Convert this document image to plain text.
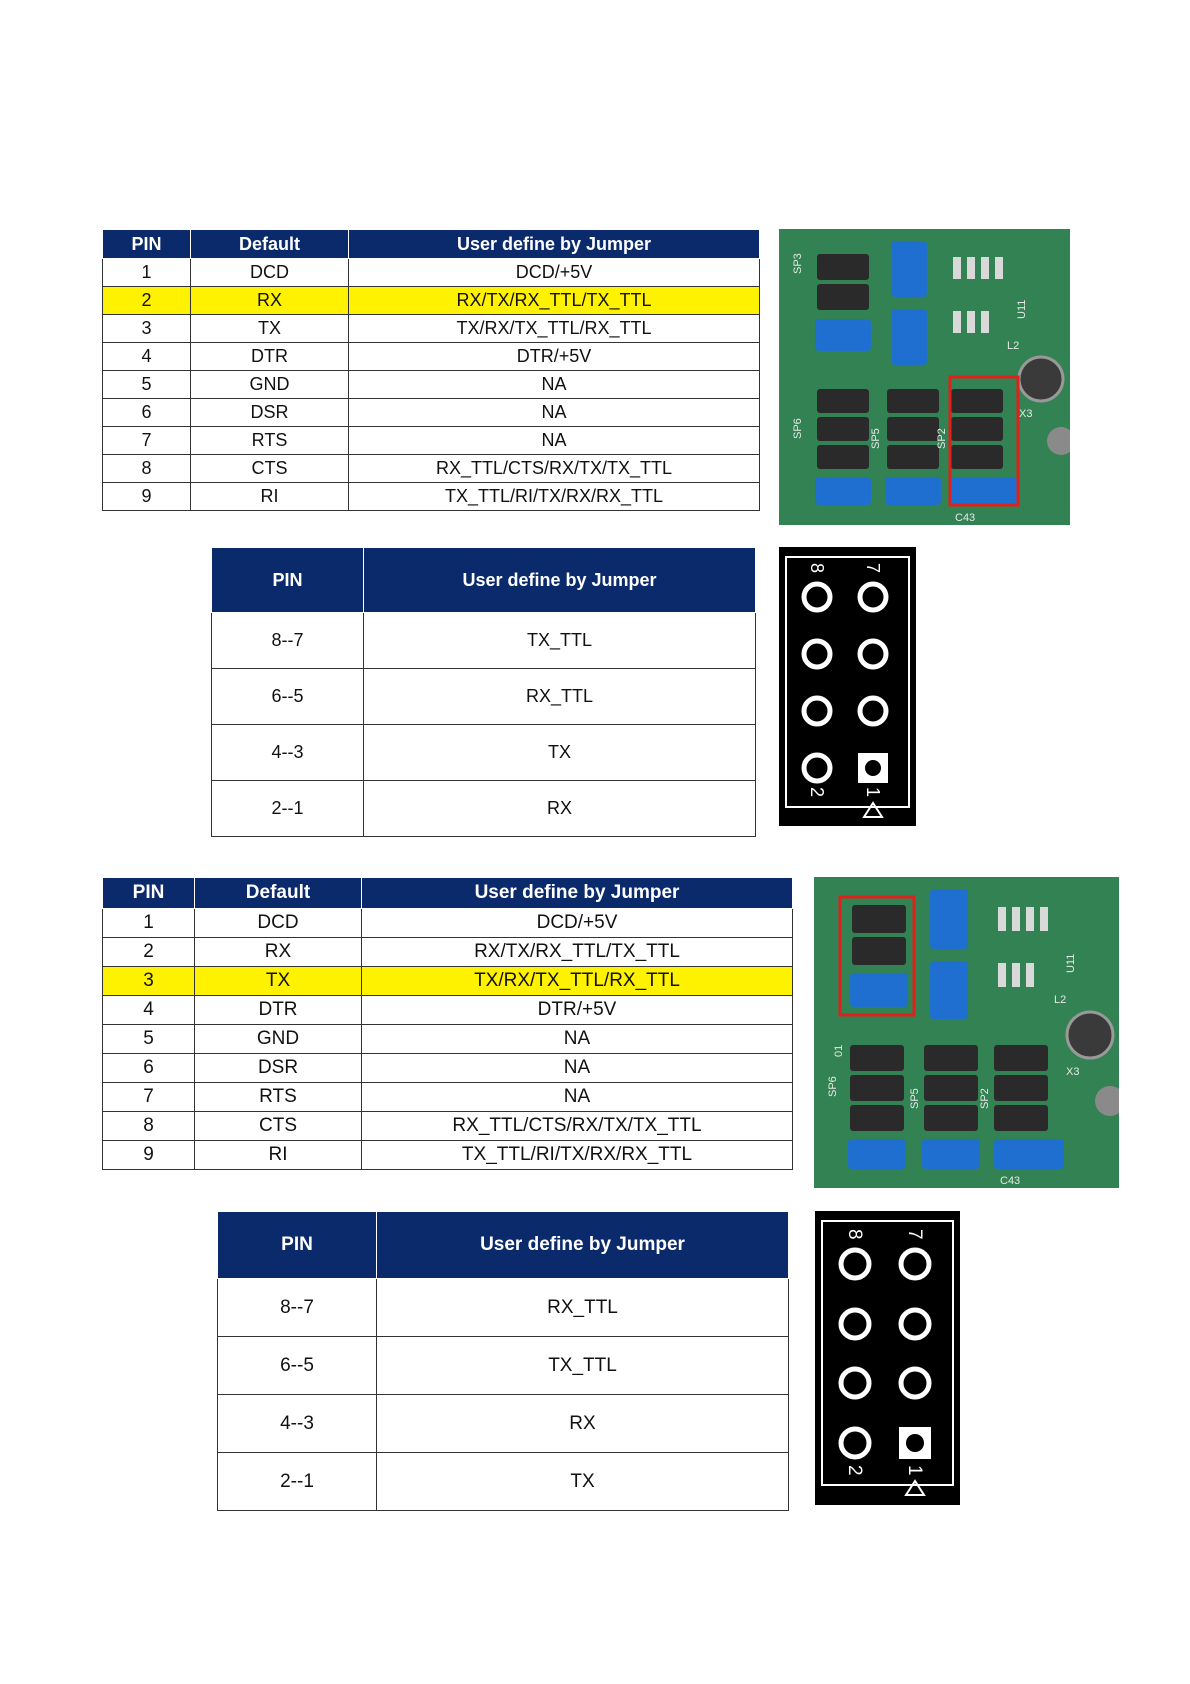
PIN	Default	User define by Jumper
1	DCD	DCD/+5V
2	RX	RX/TX/RX_TTL/TX_TTL
3	TX	TX/RX/TX_TTL/RX_TTL
4	DTR	DTR/+5V
5	GND	NA
6	DSR	NA
7	RTS	NA
8	CTS	RX_TTL/CTS/RX/TX/TX_TTL
9	RI	TX_TTL/RI/TX/RX/RX_TTL
SP3
SP6	SP5	SP2
U11
L2
X3
C43
PIN	User define by Jumper
8--7	TX_TTL
6--5	RX_TTL
4--3	TX
2--1	RX
8 7
2 1
PIN	Default	User define by Jumper
1	DCD	DCD/+5V
2	RX	RX/TX/RX_TTL/TX_TTL
3	TX	TX/RX/TX_TTL/RX_TTL
4	DTR	DTR/+5V
5	GND	NA
6	DSR	NA
7	RTS	NA
8	CTS	RX_TTL/CTS/RX/TX/TX_TTL
9	RI	TX_TTL/RI/TX/RX/RX_TTL
SP6
01
SP5	SP2
U11
L2
X3
C43
PIN	User define by Jumper
8--7	RX_TTL
6--5	TX_TTL
4--3	RX
2--1	TX
8 7
2 1
